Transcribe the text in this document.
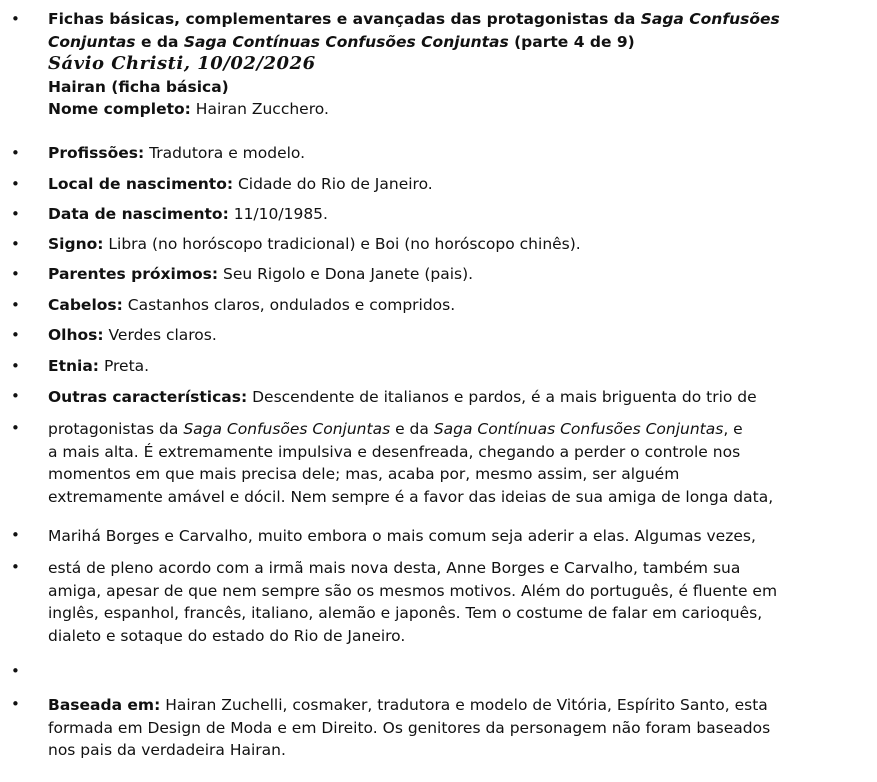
•
•
•
•
•
•
•
•
•
•
•
•
•
•
•
Fichas básicas, complementares e avançadas das protagonistas da Saga Confusões
Conjuntas e da Saga Contínuas Confusões Conjuntas (parte 4 de 9)
Sávio Christi, 10/02/2026
Hairan (ficha básica)
Nome completo: Hairan Zucchero.
Profissões: Tradutora e modelo.
Local de nascimento: Cidade do Rio de Janeiro.
Data de nascimento: 11/10/1985.
Signo: Libra (no horóscopo tradicional) e Boi (no horóscopo chinês).
Parentes próximos: Seu Rigolo e Dona Janete (pais).
Cabelos: Castanhos claros, ondulados e compridos.
Olhos: Verdes claros.
Etnia: Preta.
Outras características: Descendente de italianos e pardos, é a mais briguenta do trio de
protagonistas da Saga Confusões Conjuntas e da Saga Contínuas Confusões Conjuntas, e
a mais alta. É extremamente impulsiva e desenfreada, chegando a perder o controle nos
momentos em que mais precisa dele; mas, acaba por, mesmo assim, ser alguém
extremamente amável e dócil. Nem sempre é a favor das ideias de sua amiga de longa data,
Marihá Borges e Carvalho, muito embora o mais comum seja aderir a elas. Algumas vezes,
está de pleno acordo com a irmã mais nova desta, Anne Borges e Carvalho, também sua
amiga, apesar de que nem sempre são os mesmos motivos. Além do português, é fluente em
inglês, espanhol, francês, italiano, alemão e japonês. Tem o costume de falar em carioquês,
dialeto e sotaque do estado do Rio de Janeiro.
Baseada em: Hairan Zuchelli, cosmaker, tradutora e modelo de Vitória, Espírito Santo, esta
formada em Design de Moda e em Direito. Os genitores da personagem não foram baseados
nos pais da verdadeira Hairan.
